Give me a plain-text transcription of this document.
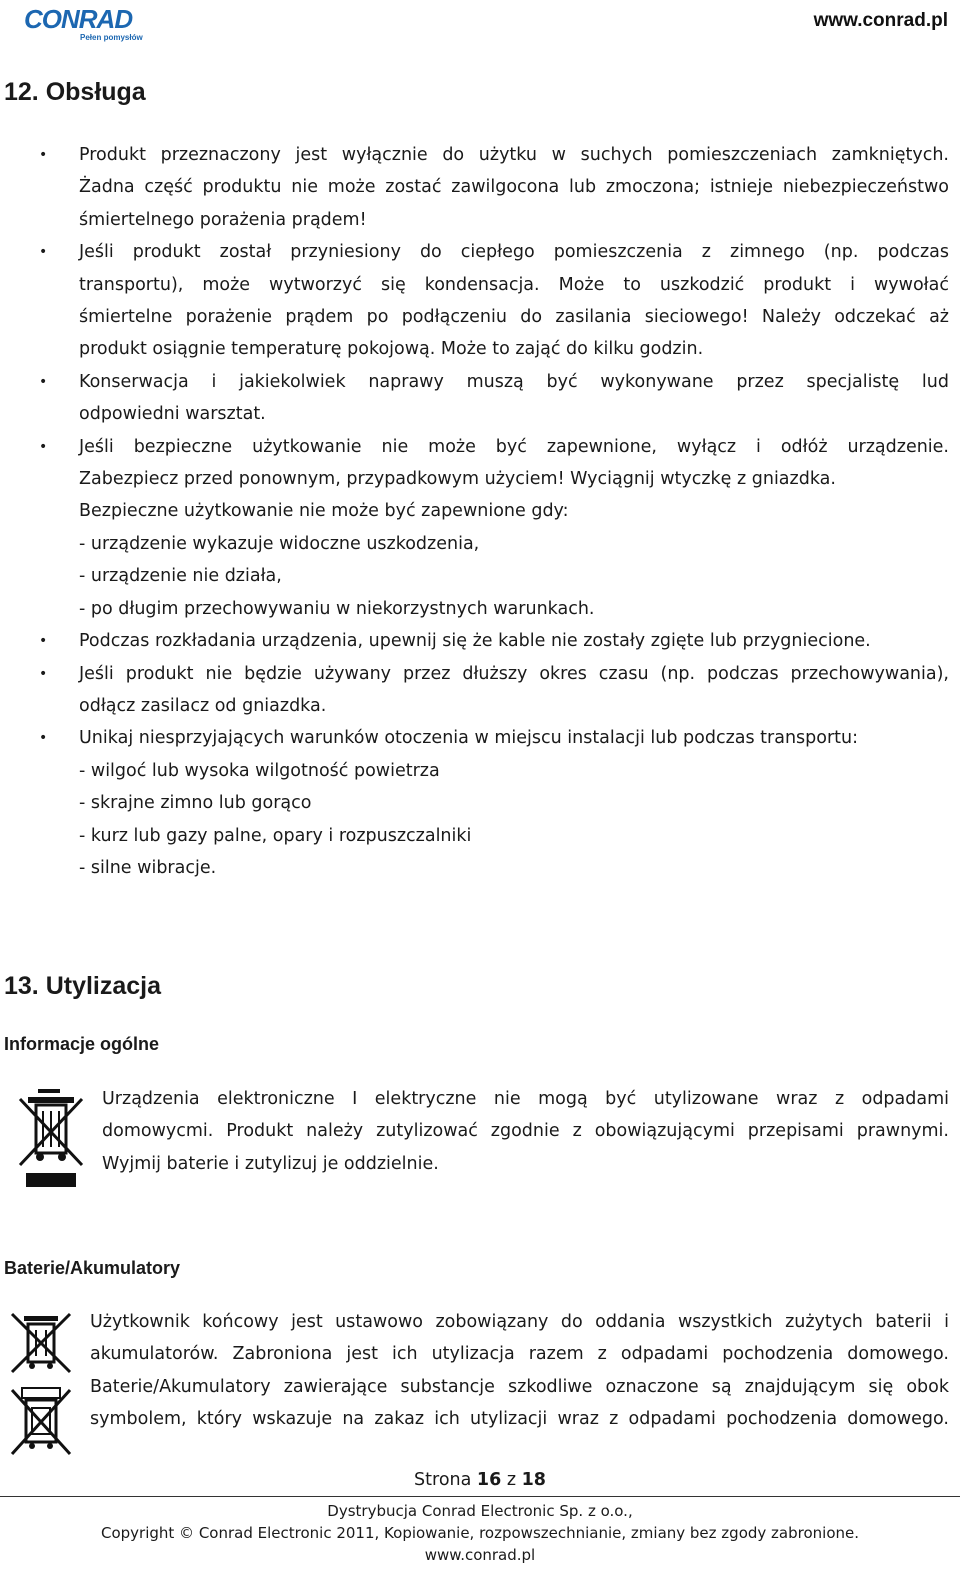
CONRAD
Pełen pomysłów
www.conrad.pl
12. Obsługa
• Produkt przeznaczony jest wyłącznie do użytku w suchych pomieszczeniach zamkniętych.
Żadna część produktu nie może zostać zawilgocona lub zmoczona; istnieje niebezpieczeństwo
śmiertelnego porażenia prądem!
• Jeśli produkt został przyniesiony do ciepłego pomieszczenia z zimnego (np. podczas
transportu), może wytworzyć się kondensacja. Może to uszkodzić produkt i wywołać
śmiertelne porażenie prądem po podłączeniu do zasilania sieciowego! Należy odczekać aż
produkt osiągnie temperaturę pokojową. Może to zająć do kilku godzin.
• Konserwacja i jakiekolwiek naprawy muszą być wykonywane przez specjalistę lud
odpowiedni warsztat.
• Jeśli bezpieczne użytkowanie nie może być zapewnione, wyłącz i odłóż urządzenie.
Zabezpiecz przed ponownym, przypadkowym użyciem! Wyciągnij wtyczkę z gniazdka.
Bezpieczne użytkowanie nie może być zapewnione gdy:
- urządzenie wykazuje widoczne uszkodzenia,
- urządzenie nie działa,
- po długim przechowywaniu w niekorzystnych warunkach.
• Podczas rozkładania urządzenia, upewnij się że kable nie zostały zgięte lub przygniecione.
• Jeśli produkt nie będzie używany przez dłuższy okres czasu (np. podczas przechowywania),
odłącz zasilacz od gniazdka.
• Unikaj niesprzyjających warunków otoczenia w miejscu instalacji lub podczas transportu:
- wilgoć lub wysoka wilgotność powietrza
- skrajne zimno lub gorąco
- kurz lub gazy palne, opary i rozpuszczalniki
- silne wibracje.
13. Utylizacja
Informacje ogólne
Urządzenia elektroniczne I elektryczne nie mogą być utylizowane wraz z odpadami
domowycmi. Produkt należy zutylizować zgodnie z obowiązującymi przepisami prawnymi.
Wyjmij baterie i zutylizuj je oddzielnie.
Baterie/Akumulatory
Użytkownik końcowy jest ustawowo zobowiązany do oddania wszystkich zużytych baterii i
akumulatorów. Zabroniona jest ich utylizacja razem z odpadami pochodzenia domowego.
Baterie/Akumulatory zawierające substancje szkodliwe oznaczone są znajdującym się obok
symbolem, który wskazuje na zakaz ich utylizacji wraz z odpadami pochodzenia domowego.
Strona 16 z 18
Dystrybucja Conrad Electronic Sp. z o.o.,
Copyright © Conrad Electronic 2011, Kopiowanie, rozpowszechnianie, zmiany bez zgody zabronione.
www.conrad.pl
